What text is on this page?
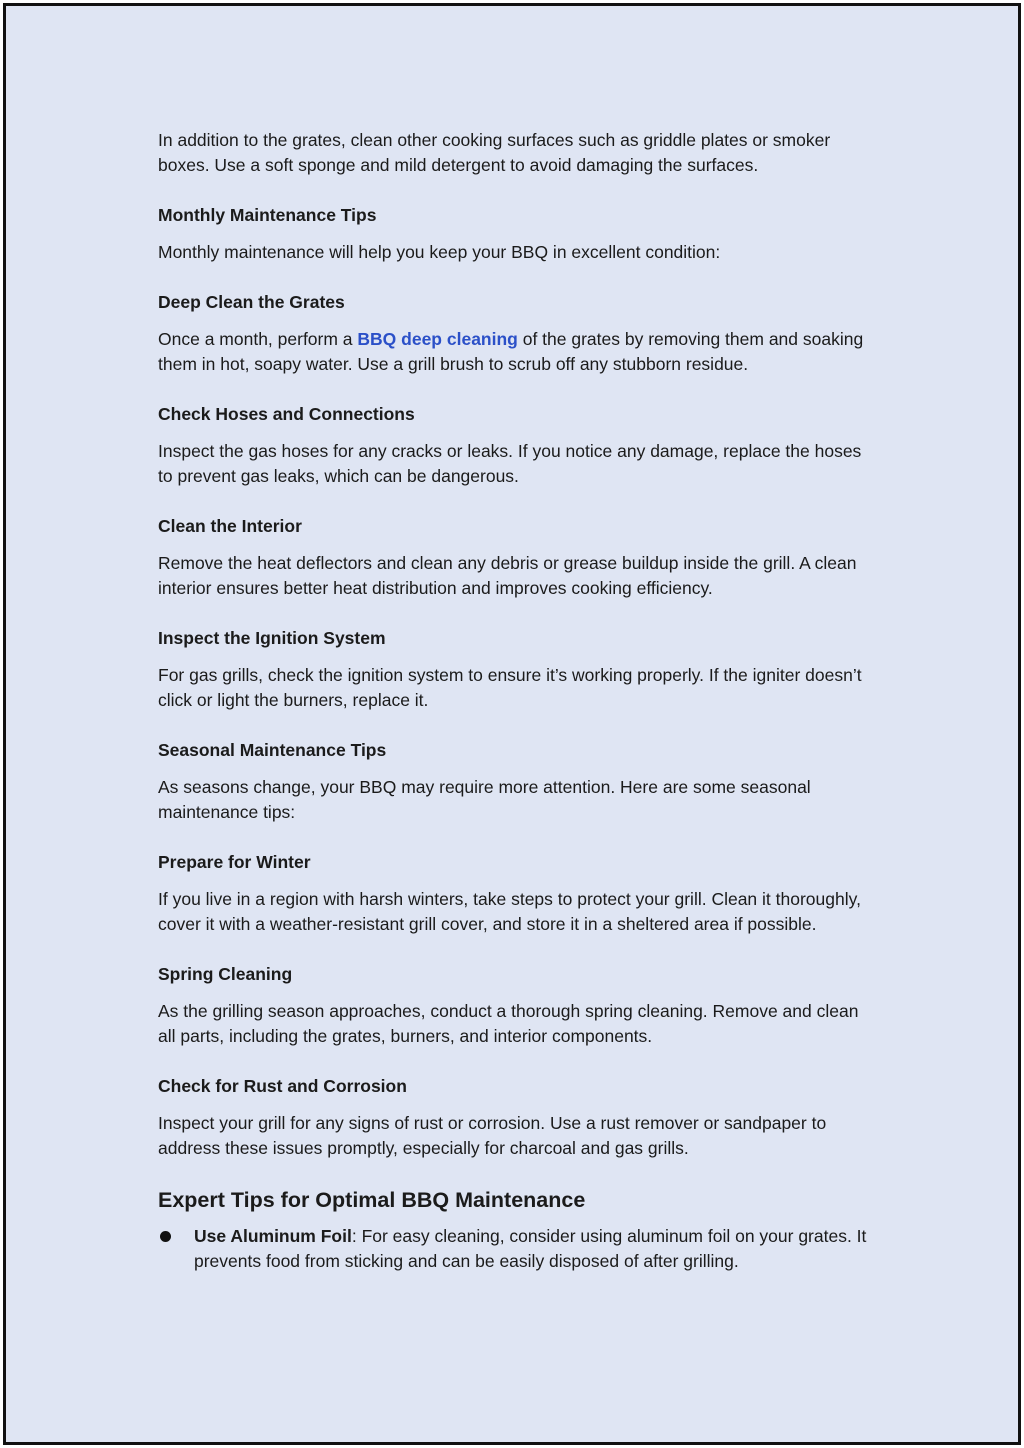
In addition to the grates, clean other cooking surfaces such as griddle plates or smoker boxes. Use a soft sponge and mild detergent to avoid damaging the surfaces.

Monthly Maintenance Tips

Monthly maintenance will help you keep your BBQ in excellent condition:

Deep Clean the Grates

Once a month, perform a BBQ deep cleaning of the grates by removing them and soaking them in hot, soapy water. Use a grill brush to scrub off any stubborn residue.

Check Hoses and Connections

Inspect the gas hoses for any cracks or leaks. If you notice any damage, replace the hoses to prevent gas leaks, which can be dangerous.

Clean the Interior

Remove the heat deflectors and clean any debris or grease buildup inside the grill. A clean interior ensures better heat distribution and improves cooking efficiency.

Inspect the Ignition System

For gas grills, check the ignition system to ensure it’s working properly. If the igniter doesn’t click or light the burners, replace it.

Seasonal Maintenance Tips

As seasons change, your BBQ may require more attention. Here are some seasonal maintenance tips:

Prepare for Winter

If you live in a region with harsh winters, take steps to protect your grill. Clean it thoroughly, cover it with a weather-resistant grill cover, and store it in a sheltered area if possible.

Spring Cleaning

As the grilling season approaches, conduct a thorough spring cleaning. Remove and clean all parts, including the grates, burners, and interior components.

Check for Rust and Corrosion

Inspect your grill for any signs of rust or corrosion. Use a rust remover or sandpaper to address these issues promptly, especially for charcoal and gas grills.

Expert Tips for Optimal BBQ Maintenance
Use Aluminum Foil: For easy cleaning, consider using aluminum foil on your grates. It prevents food from sticking and can be easily disposed of after grilling.
